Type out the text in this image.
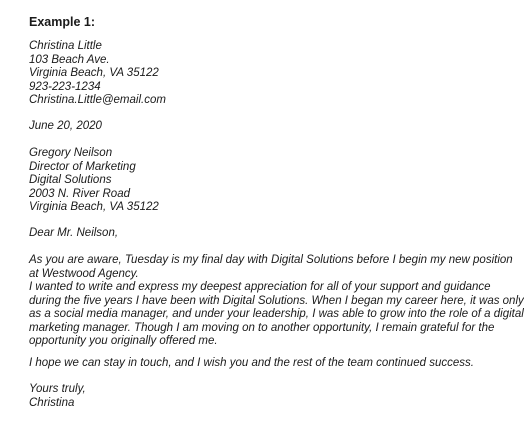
Example 1:
Christina Little
103 Beach Ave.
Virginia Beach, VA 35122
923-223-1234
Christina.Little@email.com
June 20, 2020
Gregory Neilson
Director of Marketing
Digital Solutions
2003 N. River Road
Virginia Beach, VA 35122
Dear Mr. Neilson,
As you are aware, Tuesday is my final day with Digital Solutions before I begin my new position
at Westwood Agency.
I wanted to write and express my deepest appreciation for all of your support and guidance
during the five years I have been with Digital Solutions. When I began my career here, it was only
as a social media manager, and under your leadership, I was able to grow into the role of a digital
marketing manager. Though I am moving on to another opportunity, I remain grateful for the
opportunity you originally offered me.
I hope we can stay in touch, and I wish you and the rest of the team continued success.
Yours truly,
Christina
